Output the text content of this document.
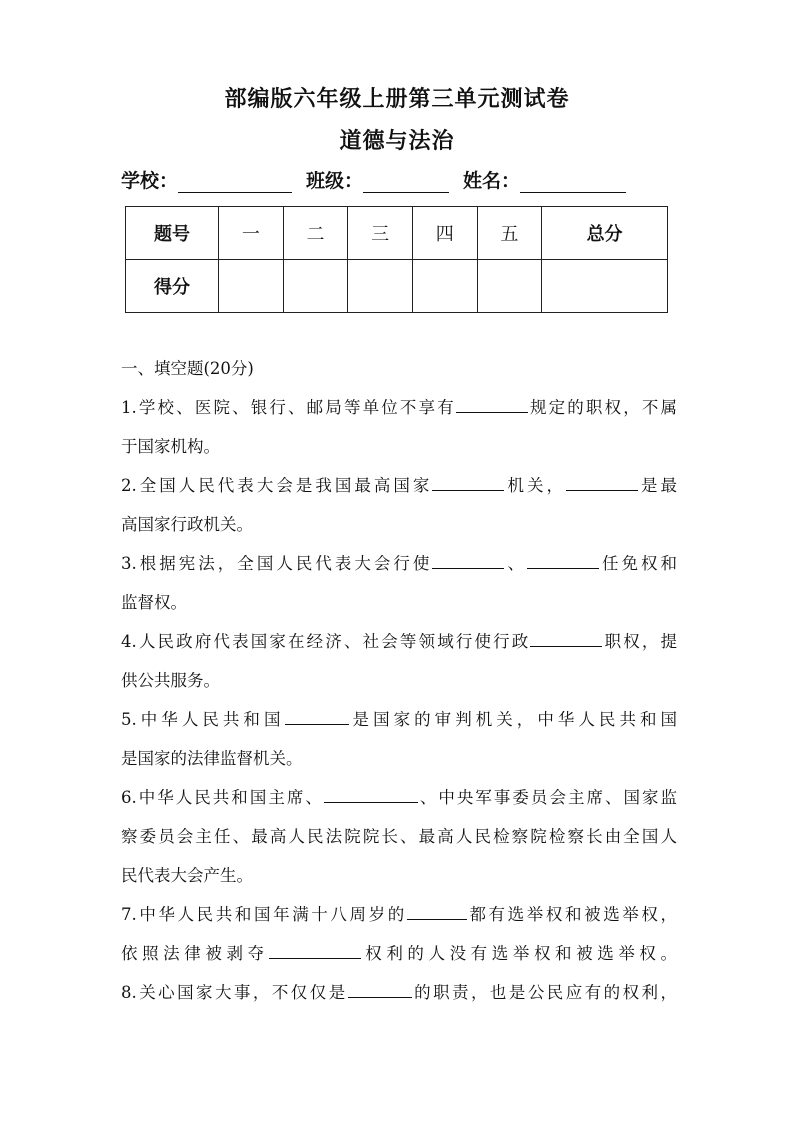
部编版六年级上册第三单元测试卷
道德与法治
学校：	班级：	姓名：
题号	一	二	三	四	五	总分
得分						
一、填空题(20分)
1.学校、医院、银行、邮局等单位不享有	规定的职权，不属
于国家机构。
2.全国人民代表大会是我国最高国家	机关，	是最
高国家行政机关。
3.根据宪法，全国人民代表大会行使	、	任免权和
监督权。
4.人民政府代表国家在经济、社会等领域行使行政	职权，提
供公共服务。
5.中华人民共和国	是国家的审判机关，中华人民共和国
是国家的法律监督机关。
6.中华人民共和国主席、	、中央军事委员会主席、国家监
察委员会主任、最高人民法院院长、最高人民检察院检察长由全国人
民代表大会产生。
7.中华人民共和国年满十八周岁的	都有选举权和被选举权，
依照法律被剥夺	权利的人没有选举权和被选举权。
8.关心国家大事，不仅仅是	的职责，也是公民应有的权利，
